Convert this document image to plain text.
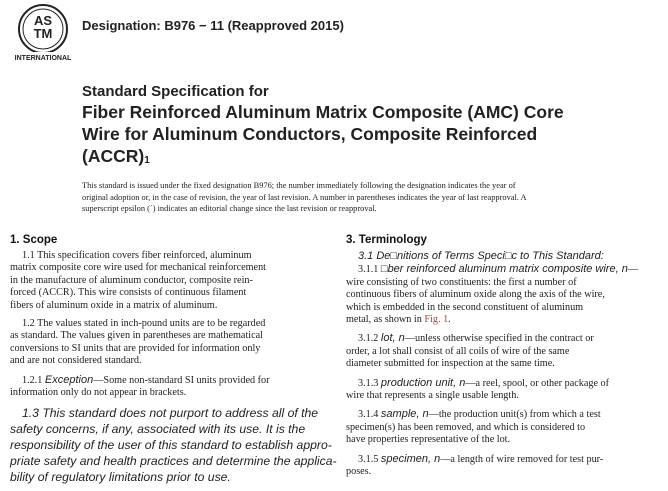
AS
TM
INTERNATIONAL
Designation: B976 − 11 (Reapproved 2015)
Standard Specification for
Fiber Reinforced Aluminum Matrix Composite (AMC) Core
Wire for Aluminum Conductors, Composite Reinforced
$(ACCR)_1$
This standard is issued under the fixed designation B976; the number immediately following the designation indicates the year of
original adoption or, in the case of revision, the year of last revision. A number in parentheses indicates the year of last reapproval. A
superscript epsilon (´) indicates an editorial change since the last revision or reapproval.
1. Scope
1.1 This specification covers fiber reinforced, aluminum
matrix composite core wire used for mechanical reinforcement
in the manufacture of aluminum conductor, composite rein-
forced (ACCR). This wire consists of continuous filament
fibers of aluminum oxide in a matrix of aluminum.
1.2 The values stated in inch-pound units are to be regarded
as standard. The values given in parentheses are mathematical
conversions to SI units that are provided for information only
and are not considered standard.
1.2.1 Exception—Some non-standard SI units provided for
information only do not appear in brackets.
1.3 This standard does not purport to address all of the
safety concerns, if any, associated with its use. It is the
responsibility of the user of this standard to establish appro-
priate safety and health practices and determine the applica-
bility of regulatory limitations prior to use.
3. Terminology
3.1 De□nitions of Terms Speci□c to This Standard:
3.1.1 □ber reinforced aluminum matrix composite wire, n—
wire consisting of two constituents: the first a number of
continuous fibers of aluminum oxide along the axis of the wire,
which is embedded in the second constituent of aluminum
metal, as shown in Fig. 1.
3.1.2 lot, n—unless otherwise specified in the contract or
order, a lot shall consist of all coils of wire of the same
diameter submitted for inspection at the same time.
3.1.3 production unit, n—a reel, spool, or other package of
wire that represents a single usable length.
3.1.4 sample, n—the production unit(s) from which a test
specimen(s) has been removed, and which is considered to
have properties representative of the lot.
3.1.5 specimen, n—a length of wire removed for test pur-
poses.
